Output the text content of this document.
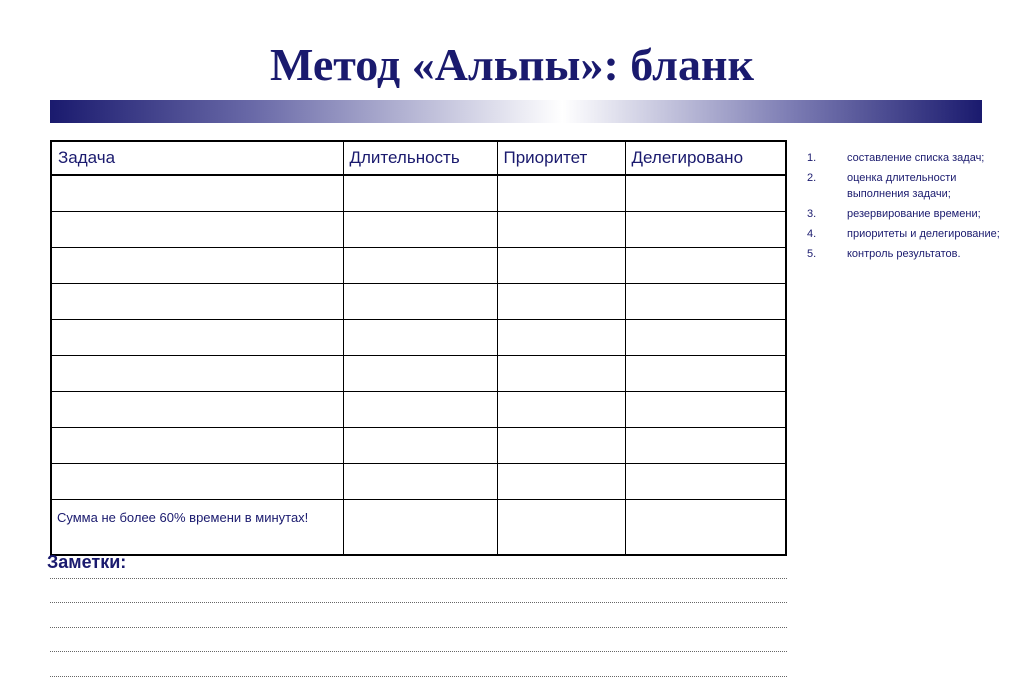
Метод «Альпы»: бланк
Задача	Длительность	Приоритет	Делегировано

Сумма не более 60% времени в минутах!			
1.	составление списка задач;
2.	оценка длительности выполнения задачи;
3.	резервирование времени;
4.	приоритеты и делегирование;
5.	контроль результатов.
Заметки:
